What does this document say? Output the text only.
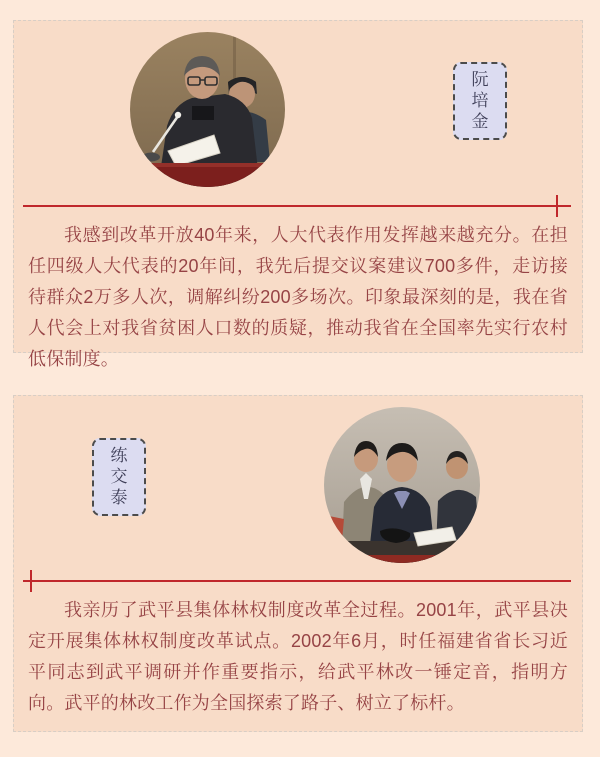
阮
培
金

我感到改革开放40年来，人大代表作用发挥越来越充分。在担任四级人大代表的20年间，我先后提交议案建议700多件，走访接待群众2万多人次，调解纠纷200多场次。印象最深刻的是，我在省人代会上对我省贫困人口数的质疑，推动我省在全国率先实行农村低保制度。

练
交
泰

我亲历了武平县集体林权制度改革全过程。2001年，武平县决定开展集体林权制度改革试点。2002年6月，时任福建省省长习近平同志到武平调研并作重要指示，给武平林改一锤定音，指明方向。武平的林改工作为全国探索了路子、树立了标杆。
